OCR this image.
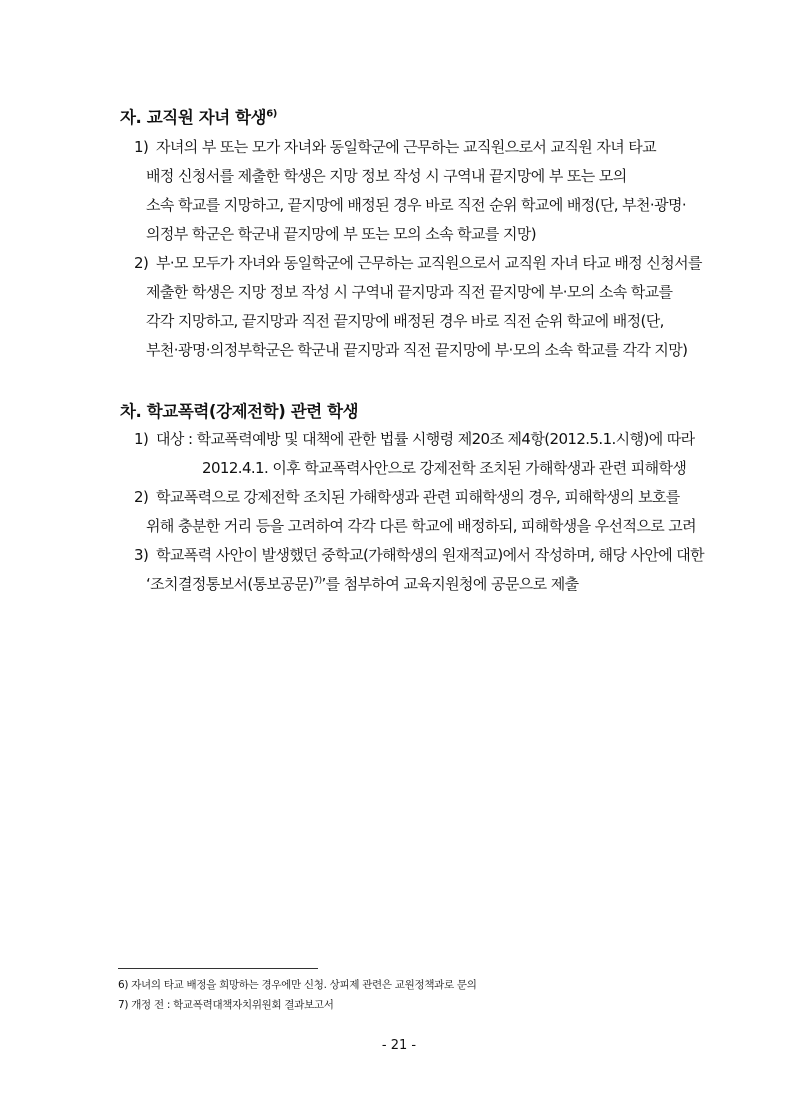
자. 교직원 자녀 학생$^{6)}$
1) 자녀의 부 또는 모가 자녀와 동일학군에 근무하는 교직원으로서 교직원 자녀 타교
배정 신청서를 제출한 학생은 지망 정보 작성 시 구역내 끝지망에 부 또는 모의
소속 학교를 지망하고, 끝지망에 배정된 경우 바로 직전 순위 학교에 배정(단, 부천·광명·
의정부 학군은 학군내 끝지망에 부 또는 모의 소속 학교를 지망)
2) 부·모 모두가 자녀와 동일학군에 근무하는 교직원으로서 교직원 자녀 타교 배정 신청서를
제출한 학생은 지망 정보 작성 시 구역내 끝지망과 직전 끝지망에 부·모의 소속 학교를
각각 지망하고, 끝지망과 직전 끝지망에 배정된 경우 바로 직전 순위 학교에 배정(단,
부천·광명·의정부학군은 학군내 끝지망과 직전 끝지망에 부·모의 소속 학교를 각각 지망)
차. 학교폭력(강제전학) 관련 학생
1) 대상 : 학교폭력예방 및 대책에 관한 법률 시행령 제20조 제4항(2012.5.1.시행)에 따라
2012.4.1. 이후 학교폭력사안으로 강제전학 조치된 가해학생과 관련 피해학생
2) 학교폭력으로 강제전학 조치된 가해학생과 관련 피해학생의 경우, 피해학생의 보호를
위해 충분한 거리 등을 고려하여 각각 다른 학교에 배정하되, 피해학생을 우선적으로 고려
3) 학교폭력 사안이 발생했던 중학교(가해학생의 원재적교)에서 작성하며, 해당 사안에 대한
‘조치결정통보서(통보공문)$^{7)}$’를 첨부하여 교육지원청에 공문으로 제출
6) 자녀의 타교 배정을 희망하는 경우에만 신청. 상피제 관련은 교원정책과로 문의
7) 개정 전 : 학교폭력대책자치위원회 결과보고서
- 21 -
